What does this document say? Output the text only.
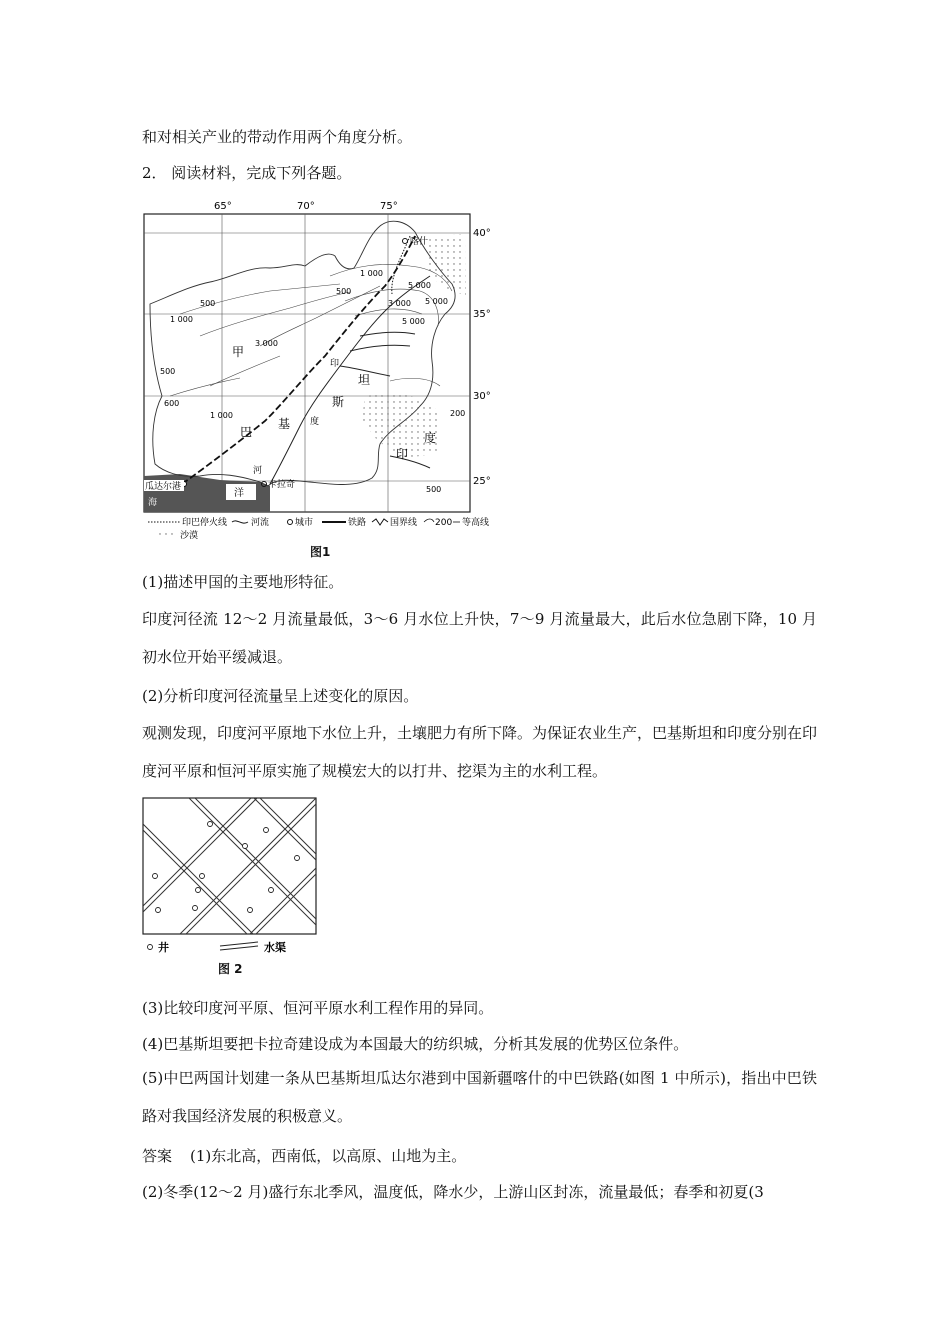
和对相关产业的带动作用两个角度分析。
2． 阅读材料，完成下列各题。
65°	70°	75°
40°
35°
30°
25°
甲
巴
基
斯
坦
印
度
河
印
度
洋
海
喀什
瓜达尔港	卡拉奇
500
1 000
3 000
5 000
5 000
5 000
1 000
500
1 000
500
600
200
500
3 000
印巴停火线	河流	城市	铁路	国界线 200 等高线
沙漠
图1
(1)描述甲国的主要地形特征。
印度河径流 12～2 月流量最低，3～6 月水位上升快，7～9 月流量最大，此后水位急剧下降，10 月初水位开始平缓减退。
(2)分析印度河径流量呈上述变化的原因。
观测发现，印度河平原地下水位上升，土壤肥力有所下降。为保证农业生产，巴基斯坦和印度分别在印度河平原和恒河平原实施了规模宏大的以打井、挖渠为主的水利工程。
井	水渠
图 2
(3)比较印度河平原、恒河平原水利工程作用的异同。
(4)巴基斯坦要把卡拉奇建设成为本国最大的纺织城，分析其发展的优势区位条件。
(5)中巴两国计划建一条从巴基斯坦瓜达尔港到中国新疆喀什的中巴铁路(如图 1 中所示)，指出中巴铁路对我国经济发展的积极意义。
答案 (1)东北高，西南低，以高原、山地为主。
(2)冬季(12～2 月)盛行东北季风，温度低，降水少，上游山区封冻，流量最低；春季和初夏(3
